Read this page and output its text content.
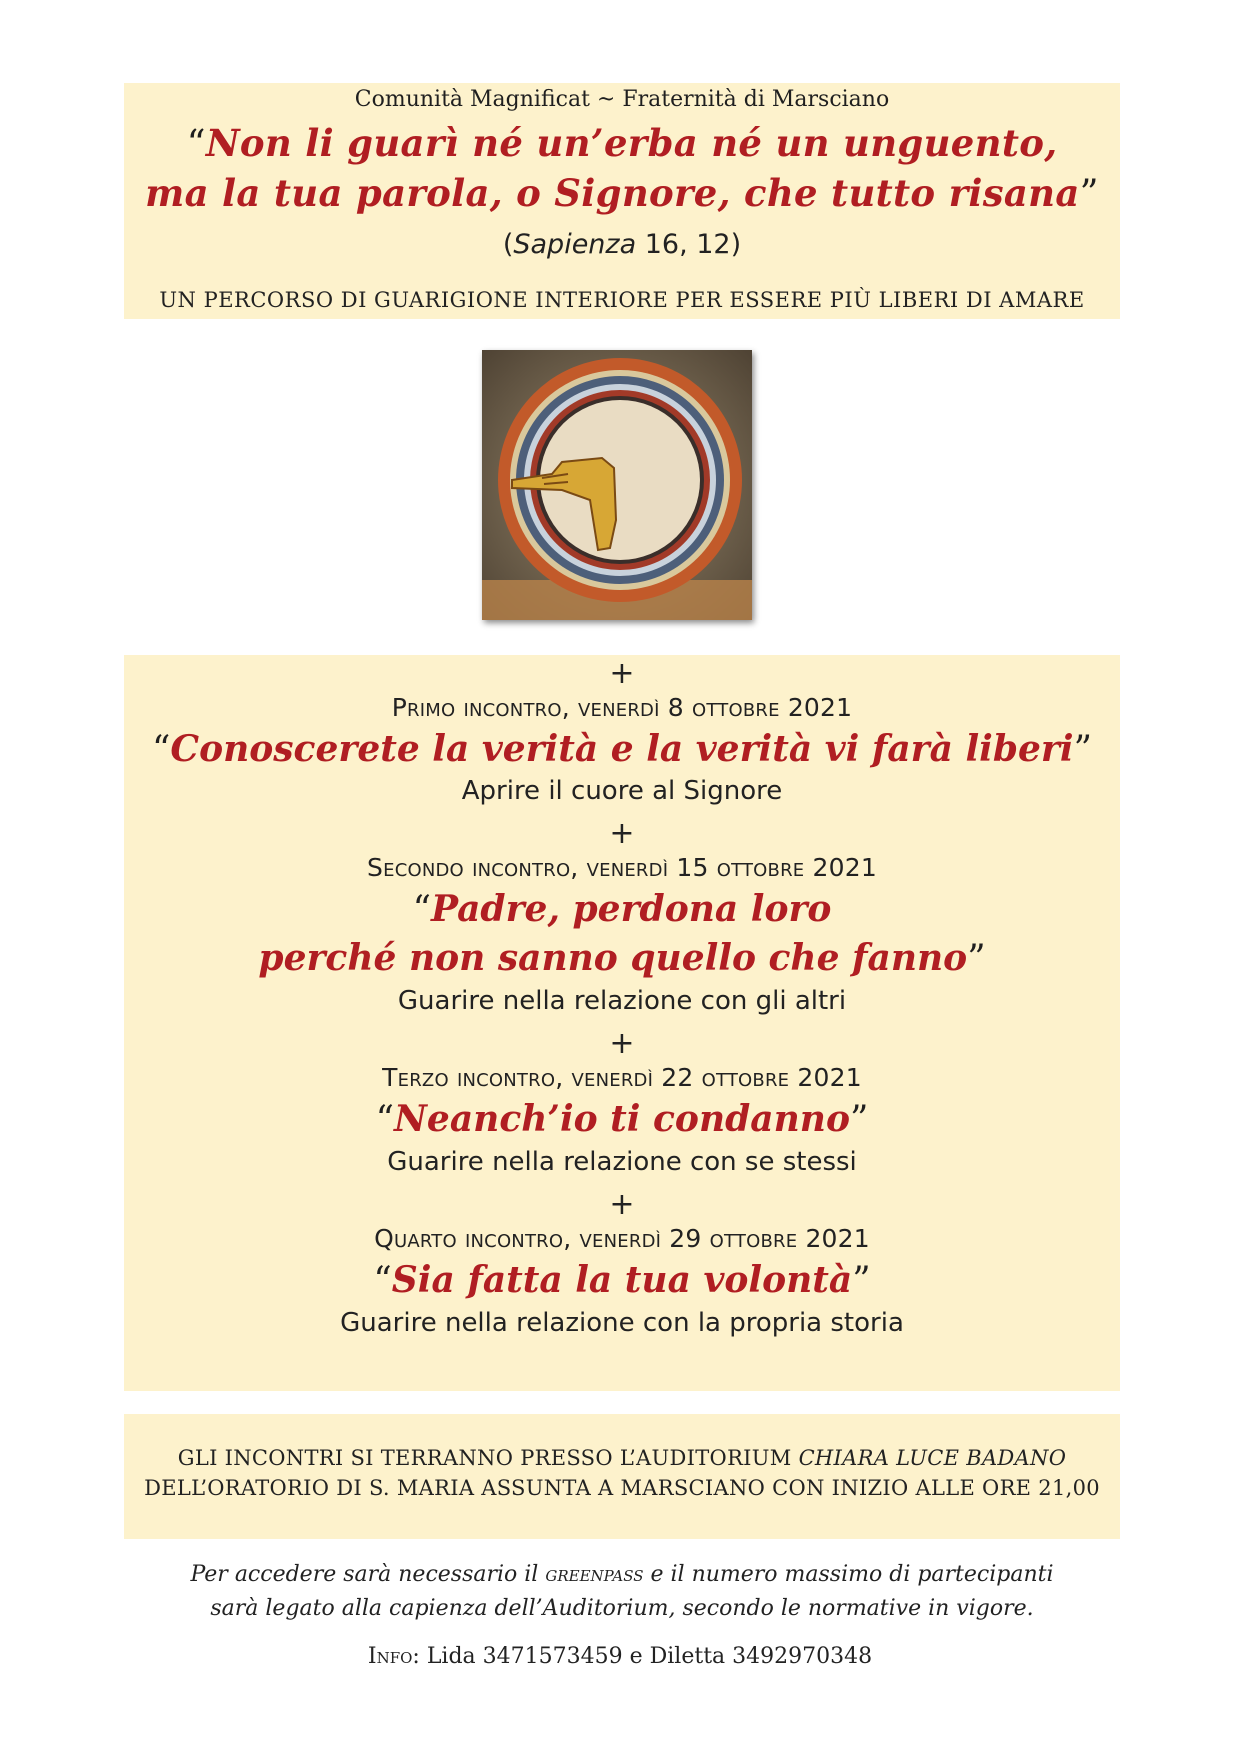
Comunità Magnificat ~ Fraternità di Marsciano
“Non li guarì né un’erba né un unguento,
ma la tua parola, o Signore, che tutto risana”
(Sapienza 16, 12)
UN PERCORSO DI GUARIGIONE INTERIORE PER ESSERE PIÙ LIBERI DI AMARE
+
Primo incontro, venerdì 8 ottobre 2021
“Conoscerete la verità e la verità vi farà liberi”
Aprire il cuore al Signore
+
Secondo incontro, venerdì 15 ottobre 2021
“Padre, perdona loro
perché non sanno quello che fanno”
Guarire nella relazione con gli altri
+
Terzo incontro, venerdì 22 ottobre 2021
“Neanch’io ti condanno”
Guarire nella relazione con se stessi
+
Quarto incontro, venerdì 29 ottobre 2021
“Sia fatta la tua volontà”
Guarire nella relazione con la propria storia
GLI INCONTRI SI TERRANNO PRESSO L’AUDITORIUM CHIARA LUCE BADANO
DELL’ORATORIO DI S. MARIA ASSUNTA A MARSCIANO CON INIZIO ALLE ORE 21,00
Per accedere sarà necessario il greenpass e il numero massimo di partecipanti
sarà legato alla capienza dell’Auditorium, secondo le normative in vigore.
Info: Lida 3471573459 e Diletta 3492970348
